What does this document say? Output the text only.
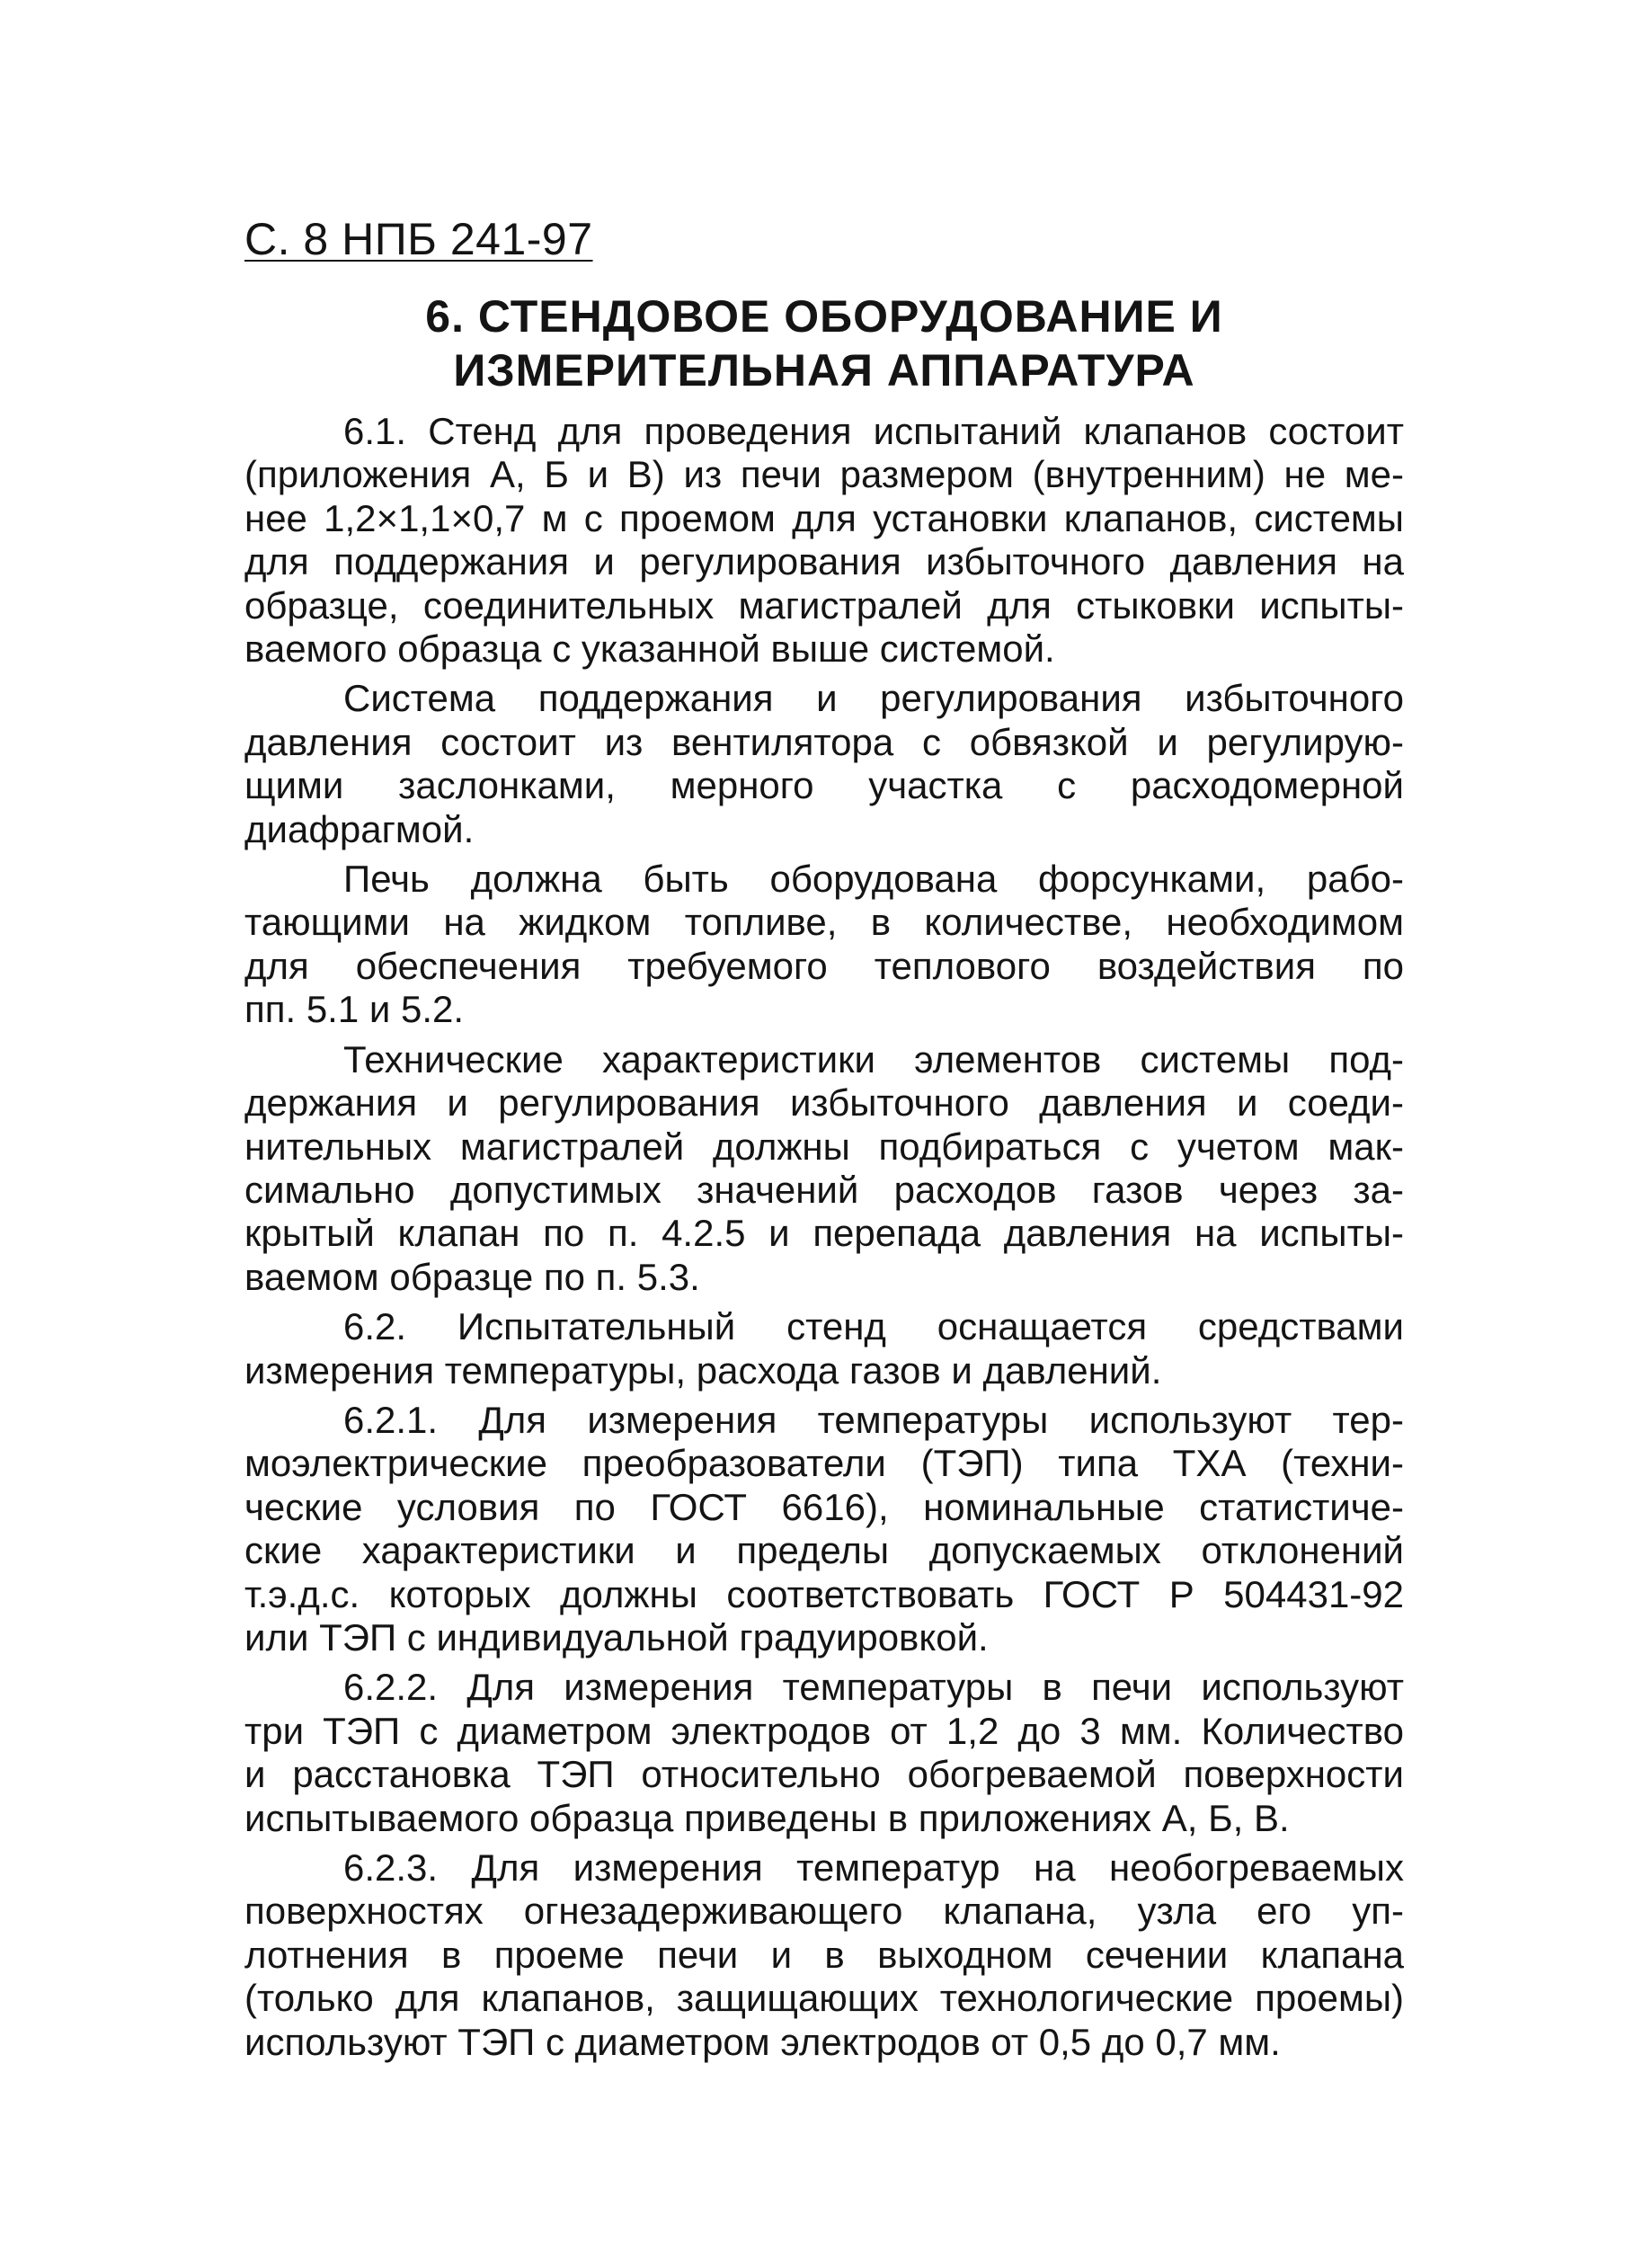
С. 8 НПБ 241-97
6. СТЕНДОВОЕ ОБОРУДОВАНИЕ И
ИЗМЕРИТЕЛЬНАЯ АППАРАТУРА
6.1. Стенд для проведения испытаний клапанов состоит
(приложения А, Б и В) из печи размером (внутренним) не ме-
нее 1,2×1,1×0,7 м с проемом для установки клапанов, системы
для поддержания и регулирования избыточного давления на
образце, соединительных магистралей для стыковки испыты-
ваемого образца с указанной выше системой.
Система поддержания и регулирования избыточного
давления состоит из вентилятора с обвязкой и регулирую-
щими заслонками, мерного участка с расходомерной
диафрагмой.
Печь должна быть оборудована форсунками, рабо-
тающими на жидком топливе, в количестве, необходимом
для обеспечения требуемого теплового воздействия по
пп. 5.1 и 5.2.
Технические характеристики элементов системы под-
держания и регулирования избыточного давления и соеди-
нительных магистралей должны подбираться с учетом мак-
симально допустимых значений расходов газов через за-
крытый клапан по п. 4.2.5 и перепада давления на испыты-
ваемом образце по п. 5.3.
6.2. Испытательный стенд оснащается средствами
измерения температуры, расхода газов и давлений.
6.2.1. Для измерения температуры используют тер-
моэлектрические преобразователи (ТЭП) типа ТХА (техни-
ческие условия по ГОСТ 6616), номинальные статистиче-
ские характеристики и пределы допускаемых отклонений
т.э.д.с. которых должны соответствовать ГОСТ Р 504431-92
или ТЭП с индивидуальной градуировкой.
6.2.2. Для измерения температуры в печи используют
три ТЭП с диаметром электродов от 1,2 до 3 мм. Количество
и расстановка ТЭП относительно обогреваемой поверхности
испытываемого образца приведены в приложениях А, Б, В.
6.2.3. Для измерения температур на необогреваемых
поверхностях огнезадерживающего клапана, узла его уп-
лотнения в проеме печи и в выходном сечении клапана
(только для клапанов, защищающих технологические проемы)
используют ТЭП с диаметром электродов от 0,5 до 0,7 мм.
